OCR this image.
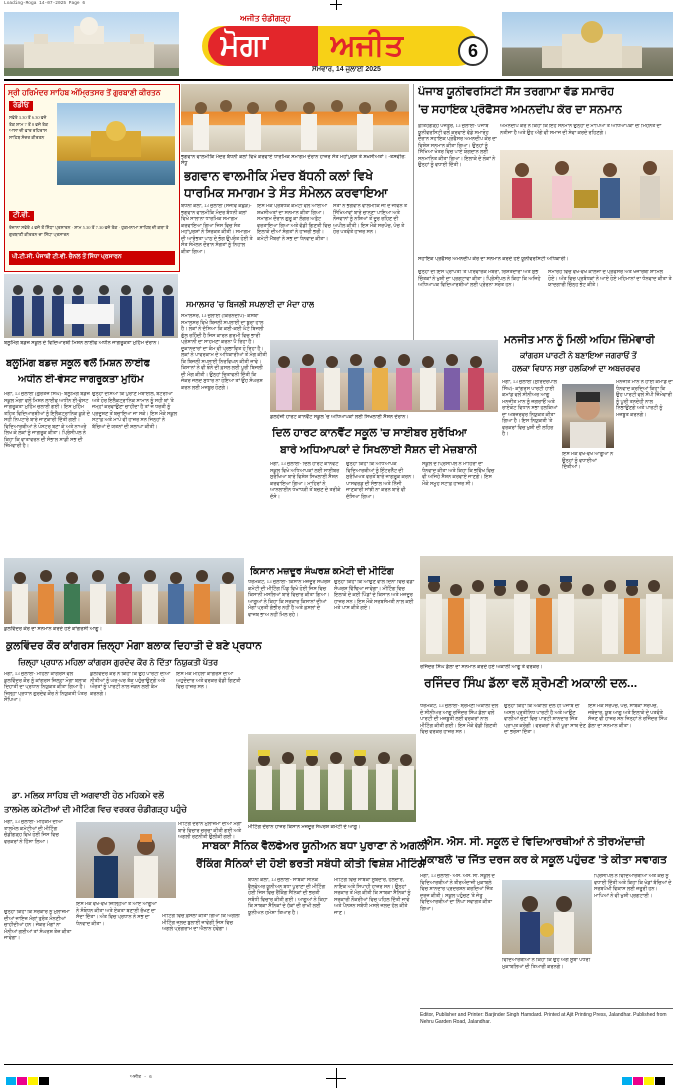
Loading-Moga 14-07-2025 Page 6
ਅਜੀਤ ਚੰਡੀਗੜ੍ਹ
ਮੋਗਾ ਅਜੀਤ
ਸੋਮਵਾਰ, 14 ਜੁਲਾਈ 2025
6
ਸ੍ਰੀ ਹਰਿਮੰਦਰ ਸਾਹਿਬ ਅੰਮ੍ਰਿਤਸਰ ਤੋਂ ਗੁਰਬਾਣੀ ਕੀਰਤਨ
ਰੇਡੀਓ
ਸਵੇਰੇ 3.30 ਤੋਂ 6.30 ਵਜੇ ਤੱਕ ਸ਼ਾਮ 7 ਤੋਂ 8 ਵਜੇ ਤੱਕ ਆਸਾ ਦੀ ਵਾਰ ਰਹਿਰਾਸ ਸਾਹਿਬ ਸੋਦਰ ਕੀਰਤਨ
ਟੀ.ਵੀ.
ਰੋਜ਼ਾਨਾ ਸਵੇਰੇ 4 ਵਜੇ ਤੋਂ ਸਿੱਧਾ ਪ੍ਰਸਾਰਨ · ਸ਼ਾਮ 5.30 ਤੋਂ 7.30 ਵਜੇ ਤੱਕ · ਹੁਕਮਨਾਮਾ ਸਾਹਿਬ ਦੀ ਕਥਾ ਤੇ ਗੁਰਬਾਣੀ ਕੀਰਤਨ ਦਾ ਸਿੱਧਾ ਪ੍ਰਸਾਰਨ
ਪੀ.ਟੀ.ਸੀ. ਪੰਜਾਬੀ ਟੀ.ਵੀ. ਚੈਨਲ ਤੋਂ ਸਿੱਧਾ ਪ੍ਰਸਾਰਨ
ਭਗਵਾਨ ਵਾਲਮੀਕਿ ਮੰਦਰ ਬੱਧਨੀ ਕਲਾਂ ਵਿਖੇ ਕਰਵਾਏ ਧਾਰਮਿਕ ਸਮਾਗਮ ਦੌਰਾਨ ਹਾਜ਼ਰ ਸੰਤ ਮਹਾਂਪੁਰਸ਼ ਤੇ ਸ਼ਖ਼ਸੀਅਤਾਂ। -ਤਸਵੀਰ: ਸੰਧੂ
ਭਗਵਾਨ ਵਾਲਮੀਕਿ ਮੰਦਰ ਬੱਧਨੀ ਕਲਾਂ ਵਿਖੇ
ਧਾਰਮਿਕ ਸਮਾਗਮ ਤੇ ਸੰਤ ਸੰਮੇਲਨ ਕਰਵਾਇਆ
ਬੱਧਨੀ ਕਲਾਂ, 13 ਜੁਲਾਈ (ਸੰਜੀਵ ਕੋਛੜ)- ਭਗਵਾਨ ਵਾਲਮੀਕਿ ਮੰਦਰ ਬੱਧਨੀ ਕਲਾਂ ਵਿਖੇ ਸਾਲਾਨਾ ਧਾਰਮਿਕ ਸਮਾਗਮ ਕਰਵਾਇਆ ਗਿਆ ਜਿਸ ਵਿਚ ਸੰਤ ਮਹਾਂਪੁਰਸ਼ਾਂ ਨੇ ਸ਼ਿਰਕਤ ਕੀਤੀ। ਸਮਾਗਮ ਦੀ ਆਰੰਭਤਾ ਪਾਠ ਦੇ ਭੋਗ ਉਪਰੰਤ ਹੋਈ ਤੇ ਸੰਤ ਸੰਮੇਲਨ ਦੌਰਾਨ ਸੰਗਤਾਂ ਨੂੰ ਨਿਹਾਲ ਕੀਤਾ ਗਿਆ।
ਇਸ ਮੌਕੇ ਪ੍ਰਬੰਧਕ ਕਮੇਟੀ ਵਲੋਂ ਆਈਆਂ ਸ਼ਖ਼ਸੀਅਤਾਂ ਦਾ ਸਨਮਾਨ ਕੀਤਾ ਗਿਆ। ਸਮਾਗਮ ਦੌਰਾਨ ਗੁਰੂ ਕਾ ਲੰਗਰ ਅਤੁੱਟ ਵਰਤਾਇਆ ਗਿਆ ਅਤੇ ਵੱਡੀ ਗਿਣਤੀ ਵਿਚ ਇਲਾਕੇ ਦੀਆਂ ਸੰਗਤਾਂ ਨੇ ਹਾਜ਼ਰੀ ਭਰੀ। ਕਮੇਟੀ ਮੈਂਬਰਾਂ ਨੇ ਸਭ ਦਾ ਧੰਨਵਾਦ ਕੀਤਾ।
ਸੰਤਾਂ ਨੇ ਭਗਵਾਨ ਵਾਲਮੀਕਿ ਜੀ ਦੇ ਜੀਵਨ ਤੇ ਸਿੱਖਿਆਵਾਂ ਬਾਰੇ ਚਾਨਣਾ ਪਾਇਆ ਅਤੇ ਨੌਜਵਾਨਾਂ ਨੂੰ ਨਸ਼ਿਆਂ ਤੋਂ ਦੂਰ ਰਹਿਣ ਦੀ ਅਪੀਲ ਕੀਤੀ। ਇਸ ਮੌਕੇ ਸਰਪੰਚ, ਪੰਚ ਤੇ ਹੋਰ ਪਤਵੰਤੇ ਹਾਜ਼ਰ ਸਨ।
ਪੰਜਾਬ ਯੂਨੀਵਰਸਿਟੀ ਸੈਂਸ ਤਰਗਾਮਾ ਵੱਡ ਸਮਾਰੋਹ
'ਚ ਸਹਾਇਕ ਪ੍ਰੋਫੈਸਰ ਅਮਨਦੀਪ ਕੌਰ ਦਾ ਸਨਮਾਨ
ਫ਼ਤਿਹਗੜ੍ਹ ਪੰਜਤੂਰ, 13 ਜੁਲਾਈ- ਪੰਜਾਬ ਯੂਨੀਵਰਸਿਟੀ ਵਲੋਂ ਕਰਵਾਏ ਵੱਡੇ ਸਮਾਰੋਹ ਦੌਰਾਨ ਸਹਾਇਕ ਪ੍ਰੋਫੈਸਰ ਅਮਨਦੀਪ ਕੌਰ ਦਾ ਵਿਸ਼ੇਸ਼ ਸਨਮਾਨ ਕੀਤਾ ਗਿਆ। ਉਨ੍ਹਾਂ ਨੂੰ ਸਿੱਖਿਆ ਖੇਤਰ ਵਿਚ ਪਾਏ ਯੋਗਦਾਨ ਲਈ ਸਨਮਾਨਿਤ ਕੀਤਾ ਗਿਆ। ਇਲਾਕੇ ਦੇ ਲੋਕਾਂ ਨੇ ਉਨ੍ਹਾਂ ਨੂੰ ਵਧਾਈ ਦਿੱਤੀ।
ਅਮਨਦੀਪ ਕੌਰ ਨੇ ਕਿਹਾ ਕਿ ਇਹ ਸਨਮਾਨ ਉਨ੍ਹਾਂ ਦੇ ਮਾਪਿਆਂ ਤੇ ਅਧਿਆਪਕਾਂ ਦੀ ਮਿਹਨਤ ਦਾ ਨਤੀਜਾ ਹੈ ਅਤੇ ਉਹ ਅੱਗੇ ਵੀ ਸਮਾਜ ਦੀ ਸੇਵਾ ਕਰਦੇ ਰਹਿਣਗੇ।
ਸਹਾਇਕ ਪ੍ਰੋਫੈਸਰ ਅਮਨਦੀਪ ਕੌਰ ਦਾ ਸਨਮਾਨ ਕਰਦੇ ਹੋਏ ਯੂਨੀਵਰਸਿਟੀ ਅਧਿਕਾਰੀ।
ਉਨ੍ਹਾਂ ਦੀ ਇਸ ਪ੍ਰਾਪਤੀ 'ਤੇ ਪਰਿਵਾਰਕ ਮੈਂਬਰਾਂ, ਰਿਸ਼ਤੇਦਾਰਾਂ ਅਤੇ ਸ਼ੁੱਭ ਚਿੰਤਕਾਂ ਨੇ ਖੁਸ਼ੀ ਦਾ ਪ੍ਰਗਟਾਵਾ ਕੀਤਾ। ਪ੍ਰਿੰਸੀਪਲ ਨੇ ਕਿਹਾ ਕਿ ਅਜਿਹੇ ਅਧਿਆਪਕ ਵਿਦਿਆਰਥੀਆਂ ਲਈ ਪ੍ਰੇਰਨਾ ਸਰੋਤ ਹਨ।
ਸਮਾਰੋਹ ਵਿਚ ਵੱਖ-ਵੱਖ ਕਾਲਜਾਂ ਦੇ ਪ੍ਰੋਫੈਸਰ ਅਤੇ ਖੋਜਾਰਥੀ ਸ਼ਾਮਿਲ ਹੋਏ। ਅੰਤ ਵਿਚ ਪ੍ਰਬੰਧਕਾਂ ਨੇ ਆਏ ਹੋਏ ਮਹਿਮਾਨਾਂ ਦਾ ਧੰਨਵਾਦ ਕੀਤਾ ਤੇ ਯਾਦਗਾਰੀ ਚਿੰਨ੍ਹ ਭੇਟ ਕੀਤੇ।
ਬਲੂਮਿੰਗ ਬਡਜ਼ ਸਕੂਲ ਦੇ ਵਿਦਿਆਰਥੀ ਮਿਸ਼ਨ ਲਾਈਫ ਅਧੀਨ ਜਾਗਰੂਕਤਾ ਮੁਹਿੰਮ ਦੌਰਾਨ।
ਬਲੂਮਿੰਗ ਬਡਜ਼ ਸਕੂਲ ਵਲੋਂ ਮਿਸ਼ਨ ਲਾਈਫ
ਅਧੀਨ ਈ-ਵੇਸਟ ਜਾਗਰੂਕਤਾ ਮੁਹਿੰਮ
ਮੋਗਾ, 13 ਜੁਲਾਈ (ਗੁਰਤੇਜ ਸਿੰਘ)- ਬਲੂਮਿੰਗ ਬਡਜ਼ ਸਕੂਲ ਮੋਗਾ ਵਲੋਂ ਮਿਸ਼ਨ ਲਾਈਫ ਅਧੀਨ ਈ-ਵੇਸਟ ਜਾਗਰੂਕਤਾ ਮੁਹਿੰਮ ਚਲਾਈ ਗਈ। ਇਸ ਮੁਹਿੰਮ ਤਹਿਤ ਵਿਦਿਆਰਥੀਆਂ ਨੂੰ ਇਲੈਕਟ੍ਰਾਨਿਕ ਕੂੜੇ ਦੇ ਸਹੀ ਨਿਪਟਾਰੇ ਬਾਰੇ ਜਾਣਕਾਰੀ ਦਿੱਤੀ ਗਈ। ਵਿਦਿਆਰਥੀਆਂ ਨੇ ਪੋਸਟਰ ਬਣਾ ਕੇ ਅਤੇ ਨਾਅਰੇ ਲਿਖ ਕੇ ਲੋਕਾਂ ਨੂੰ ਜਾਗਰੂਕ ਕੀਤਾ। ਪ੍ਰਿੰਸੀਪਲ ਨੇ ਕਿਹਾ ਕਿ ਵਾਤਾਵਰਨ ਦੀ ਸੰਭਾਲ ਸਾਡੀ ਸਭ ਦੀ ਜ਼ਿੰਮੇਵਾਰੀ ਹੈ।
ਉਨ੍ਹਾਂ ਦੱਸਿਆ ਕਿ ਪੁਰਾਣੇ ਮੋਬਾਈਲ, ਬੈਟਰੀਆਂ ਅਤੇ ਹੋਰ ਇਲੈਕਟ੍ਰਾਨਿਕ ਸਾਮਾਨ ਨੂੰ ਸਹੀ ਥਾਂ 'ਤੇ ਜਮ੍ਹਾਂ ਕਰਵਾਉਣਾ ਚਾਹੀਦਾ ਹੈ ਤਾਂ ਜੋ ਧਰਤੀ ਨੂੰ ਪ੍ਰਦੂਸ਼ਣ ਤੋਂ ਬਚਾਇਆ ਜਾ ਸਕੇ। ਇਸ ਮੌਕੇ ਸਕੂਲ ਸਟਾਫ਼ ਅਤੇ ਮਾਪੇ ਵੀ ਹਾਜ਼ਰ ਸਨ ਜਿਨ੍ਹਾਂ ਨੇ ਬੱਚਿਆਂ ਦੇ ਯਤਨਾਂ ਦੀ ਸ਼ਲਾਘਾ ਕੀਤੀ।
ਸਮਾਲਸਰ 'ਚ ਬਿਜਲੀ ਸਪਲਾਈ ਦਾ ਮੰਦਾ ਹਾਲ
ਸਮਾਲਸਰ, 13 ਜੁਲਾਈ (ਕਿਰਨਦੀਪ)- ਕਸਬਾ ਸਮਾਲਸਰ ਵਿਖੇ ਬਿਜਲੀ ਸਪਲਾਈ ਦਾ ਬੁਰਾ ਹਾਲ ਹੈ। ਲੋਕਾਂ ਨੇ ਦੱਸਿਆ ਕਿ ਕਈ-ਕਈ ਘੰਟੇ ਬਿਜਲੀ ਗੁੱਲ ਰਹਿੰਦੀ ਹੈ ਜਿਸ ਕਾਰਨ ਗਰਮੀ ਵਿਚ ਭਾਰੀ ਪ੍ਰੇਸ਼ਾਨੀ ਦਾ ਸਾਹਮਣਾ ਕਰਨਾ ਪੈ ਰਿਹਾ ਹੈ। ਦੁਕਾਨਦਾਰਾਂ ਦਾ ਕੰਮ ਵੀ ਪ੍ਰਭਾਵਿਤ ਹੋ ਰਿਹਾ ਹੈ। ਲੋਕਾਂ ਨੇ ਪਾਵਰਕਾਮ ਦੇ ਅਧਿਕਾਰੀਆਂ ਤੋਂ ਮੰਗ ਕੀਤੀ ਕਿ ਬਿਜਲੀ ਸਪਲਾਈ ਨਿਰਵਿਘਨ ਕੀਤੀ ਜਾਵੇ। ਕਿਸਾਨਾਂ ਨੇ ਵੀ ਝੋਨੇ ਦੀ ਫ਼ਸਲ ਲਈ ਪੂਰੀ ਬਿਜਲੀ ਦੀ ਮੰਗ ਕੀਤੀ। ਉਨ੍ਹਾਂ ਚਿਤਾਵਨੀ ਦਿੱਤੀ ਕਿ ਜੇਕਰ ਜਲਦ ਸੁਧਾਰ ਨਾ ਹੋਇਆ ਤਾਂ ਉਹ ਸੰਘਰਸ਼ ਕਰਨ ਲਈ ਮਜਬੂਰ ਹੋਣਗੇ।
ਡਲਹੌਜ਼ੀ ਹਾਰਟ ਕਾਨਵੈਂਟ ਸਕੂਲ 'ਚ ਅਧਿਆਪਕਾਂ ਲਈ ਸਿਖਲਾਈ ਸੈਸ਼ਨ ਦੌਰਾਨ।
ਦਿਲ ਹਾਰਟ ਕਾਨਵੈਂਟ ਸਕੂਲ 'ਚ ਸਾਈਬਰ ਸੁਰੱਖਿਆ
ਬਾਰੇ ਅਧਿਆਪਕਾਂ ਦੇ ਸਿਖਲਾਈ ਸੈਸ਼ਨ ਦੀ ਮੇਜ਼ਬਾਨੀ
ਮੋਗਾ, 13 ਜੁਲਾਈ- ਦਿਲ ਹਾਰਟ ਕਾਨਵੈਂਟ ਸਕੂਲ ਵਿਖੇ ਅਧਿਆਪਕਾਂ ਲਈ ਸਾਈਬਰ ਸੁਰੱਖਿਆ ਬਾਰੇ ਵਿਸ਼ੇਸ਼ ਸਿਖਲਾਈ ਸੈਸ਼ਨ ਕਰਵਾਇਆ ਗਿਆ। ਮਾਹਿਰਾਂ ਨੇ ਆਨਲਾਈਨ ਧੋਖਾਧੜੀ ਤੋਂ ਬਚਣ ਦੇ ਤਰੀਕੇ ਦੱਸੇ।
ਉਨ੍ਹਾਂ ਕਿਹਾ ਕਿ ਅਧਿਆਪਕ ਵਿਦਿਆਰਥੀਆਂ ਨੂੰ ਇੰਟਰਨੈੱਟ ਦੀ ਸੁਰੱਖਿਅਤ ਵਰਤੋਂ ਬਾਰੇ ਜਾਗਰੂਕ ਕਰਨ। ਪਾਸਵਰਡ ਦੀ ਸੰਭਾਲ ਅਤੇ ਨਿੱਜੀ ਜਾਣਕਾਰੀ ਸਾਂਝੀ ਨਾ ਕਰਨ ਬਾਰੇ ਵੀ ਦੱਸਿਆ ਗਿਆ।
ਸਕੂਲ ਦੇ ਪ੍ਰਿੰਸੀਪਲ ਨੇ ਮਾਹਿਰਾਂ ਦਾ ਧੰਨਵਾਦ ਕੀਤਾ ਅਤੇ ਕਿਹਾ ਕਿ ਭਵਿੱਖ ਵਿਚ ਵੀ ਅਜਿਹੇ ਸੈਸ਼ਨ ਕਰਵਾਏ ਜਾਣਗੇ। ਇਸ ਮੌਕੇ ਸਮੂਹ ਸਟਾਫ਼ ਹਾਜ਼ਰ ਸੀ।
ਮਨਜੀਤ ਮਾਨ ਨੂੰ ਮਿਲੀ ਅਹਿਮ ਜ਼ਿੰਮੇਵਾਰੀ
ਕਾਂਗਰਸ ਪਾਰਟੀ ਨੇ ਬਣਾਇਆ ਜਗਰਾਓਂ ਤੋਂ
ਹਲਕਾ ਵਿਧਾਨ ਸਭਾ ਹਲਕਿਆਂ ਦਾ ਅਬਜ਼ਰਵਰ
ਮੋਗਾ, 13 ਜੁਲਾਈ (ਸੁਰਿੰਦਰਪਾਲ ਸਿੰਘ)- ਕਾਂਗਰਸ ਪਾਰਟੀ ਹਾਈ ਕਮਾਂਡ ਵਲੋਂ ਸੀਨੀਅਰ ਆਗੂ ਮਨਜੀਤ ਮਾਨ ਨੂੰ ਜਗਰਾਓਂ ਅਤੇ ਰਾਏਕੋਟ ਵਿਧਾਨ ਸਭਾ ਹਲਕਿਆਂ ਦਾ ਅਬਜ਼ਰਵਰ ਨਿਯੁਕਤ ਕੀਤਾ ਗਿਆ ਹੈ। ਇਸ ਨਿਯੁਕਤੀ 'ਤੇ ਵਰਕਰਾਂ ਵਿਚ ਖੁਸ਼ੀ ਦੀ ਲਹਿਰ ਹੈ।
ਮਨਜੀਤ ਮਾਨ ਨੇ ਹਾਈ ਕਮਾਂਡ ਦਾ ਧੰਨਵਾਦ ਕਰਦਿਆਂ ਕਿਹਾ ਕਿ ਉਹ ਪਾਰਟੀ ਵਲੋਂ ਸੌਂਪੀ ਜ਼ਿੰਮੇਵਾਰੀ ਨੂੰ ਪੂਰੀ ਤਨਦੇਹੀ ਨਾਲ ਨਿਭਾਉਣਗੇ ਅਤੇ ਪਾਰਟੀ ਨੂੰ ਮਜ਼ਬੂਤ ਕਰਨਗੇ।
ਇਸ ਮੌਕੇ ਵੱਖ-ਵੱਖ ਆਗੂਆਂ ਨੇ ਉਨ੍ਹਾਂ ਨੂੰ ਵਧਾਈਆਂ ਦਿੱਤੀਆਂ।
ਕੁਲਵਿੰਦਰ ਕੌਰ ਦਾ ਸਨਮਾਨ ਕਰਦੇ ਹੋਏ ਕਾਂਗਰਸੀ ਆਗੂ।
ਕੁਲਵਿੰਦਰ ਕੌਰ ਕਾਂਗਰਸ ਜ਼ਿਲ੍ਹਾ ਮੋਗਾ ਬਲਾਕ ਦਿਹਾਤੀ ਦੇ ਬਣੇ ਪ੍ਰਧਾਨ
ਜ਼ਿਲ੍ਹਾ ਪ੍ਰਧਾਨ ਮਹਿਲਾ ਕਾਂਗਰਸ ਗੁਰਦੇਵ ਕੌਰ ਨੇ ਦਿੱਤਾ ਨਿਯੁਕਤੀ ਪੱਤਰ
ਮੋਗਾ, 13 ਜੁਲਾਈ- ਮਹਿਲਾ ਕਾਂਗਰਸ ਵਲੋਂ ਕੁਲਵਿੰਦਰ ਕੌਰ ਨੂੰ ਕਾਂਗਰਸ ਜ਼ਿਲ੍ਹਾ ਮੋਗਾ ਬਲਾਕ ਦਿਹਾਤੀ ਦਾ ਪ੍ਰਧਾਨ ਨਿਯੁਕਤ ਕੀਤਾ ਗਿਆ ਹੈ। ਜ਼ਿਲ੍ਹਾ ਪ੍ਰਧਾਨ ਗੁਰਦੇਵ ਕੌਰ ਨੇ ਨਿਯੁਕਤੀ ਪੱਤਰ ਸੌਂਪਿਆ।
ਕੁਲਵਿੰਦਰ ਕੌਰ ਨੇ ਕਿਹਾ ਕਿ ਉਹ ਪਾਰਟੀ ਦੀਆਂ ਨੀਤੀਆਂ ਨੂੰ ਘਰ-ਘਰ ਤੱਕ ਪਹੁੰਚਾਉਣਗੇ ਅਤੇ ਔਰਤਾਂ ਨੂੰ ਪਾਰਟੀ ਨਾਲ ਜੋੜਨ ਲਈ ਕੰਮ ਕਰਨਗੇ।
ਇਸ ਮੌਕੇ ਮਹਿਲਾ ਕਾਂਗਰਸ ਦੀਆਂ ਅਹੁਦੇਦਾਰ ਅਤੇ ਵਰਕਰ ਵੱਡੀ ਗਿਣਤੀ ਵਿਚ ਹਾਜ਼ਰ ਸਨ।
ਡਾ. ਮਲਿਕ ਸਾਹਿਬ ਦੀ ਅਗਵਾਈ ਹੇਠ ਮਹਿਕਮੇ ਵਲੋਂ
ਤਾਲਮੇਲ ਕਮੇਟੀਆਂ ਦੀ ਮੀਟਿੰਗ ਵਿਚ ਵਰਕਰ ਚੰਡੀਗੜ੍ਹ ਪਹੁੰਚੇ
ਮੋਗਾ, 13 ਜੁਲਾਈ- ਮਹਿਕਮੇ ਦੀਆਂ ਤਾਲਮੇਲ ਕਮੇਟੀਆਂ ਦੀ ਮੀਟਿੰਗ ਚੰਡੀਗੜ੍ਹ ਵਿਖੇ ਹੋਈ ਜਿਸ ਵਿਚ ਵਰਕਰਾਂ ਨੇ ਹਿੱਸਾ ਲਿਆ।
ਮੀਟਿੰਗ ਦੌਰਾਨ ਮੁਲਾਜ਼ਮਾਂ ਦੀਆਂ ਮੰਗਾਂ ਬਾਰੇ ਵਿਚਾਰ ਚਰਚਾ ਕੀਤੀ ਗਈ ਅਤੇ ਅਗਲੀ ਰਣਨੀਤੀ ਉਲੀਕੀ ਗਈ।
ਉਨ੍ਹਾਂ ਕਿਹਾ ਕਿ ਸਰਕਾਰ ਨੂੰ ਮੁਲਾਜ਼ਮਾਂ ਦੀਆਂ ਜਾਇਜ਼ ਮੰਗਾਂ ਤੁਰੰਤ ਮੰਨਣੀਆਂ ਚਾਹੀਦੀਆਂ ਹਨ। ਜੇਕਰ ਮੰਗਾਂ ਨਾ ਮੰਨੀਆਂ ਗਈਆਂ ਤਾਂ ਸੰਘਰਸ਼ ਤੇਜ਼ ਕੀਤਾ ਜਾਵੇਗਾ।
ਇਸ ਮੌਕੇ ਵੱਖ-ਵੱਖ ਜ਼ਿਲ੍ਹਿਆਂ ਤੋਂ ਆਏ ਆਗੂਆਂ ਨੇ ਸੰਬੋਧਨ ਕੀਤਾ ਅਤੇ ਏਕਤਾ ਬਣਾਈ ਰੱਖਣ ਦਾ ਸੱਦਾ ਦਿੱਤਾ। ਅੰਤ ਵਿਚ ਪ੍ਰਧਾਨ ਨੇ ਸਭ ਦਾ ਧੰਨਵਾਦ ਕੀਤਾ।
ਮੀਟਿੰਗ ਵਿਚ ਫ਼ੈਸਲਾ ਕੀਤਾ ਗਿਆ ਕਿ ਅਗਲੀ ਮੀਟਿੰਗ ਜਲਦ ਬੁਲਾਈ ਜਾਵੇਗੀ ਜਿਸ ਵਿਚ ਅਗਲੇ ਪ੍ਰੋਗਰਾਮ ਦਾ ਐਲਾਨ ਹੋਵੇਗਾ।
ਕਿਸਾਨ ਮਜ਼ਦੂਰ ਸੰਘਰਸ਼ ਕਮੇਟੀ ਦੀ ਮੀਟਿੰਗ
ਧਰਮਕੋਟ, 13 ਜੁਲਾਈ- ਕਿਸਾਨ ਮਜ਼ਦੂਰ ਸੰਘਰਸ਼ ਕਮੇਟੀ ਦੀ ਮੀਟਿੰਗ ਪਿੰਡ ਵਿਖੇ ਹੋਈ ਜਿਸ ਵਿਚ ਕਿਸਾਨੀ ਮਸਲਿਆਂ ਬਾਰੇ ਵਿਚਾਰ ਕੀਤਾ ਗਿਆ। ਆਗੂਆਂ ਨੇ ਕਿਹਾ ਕਿ ਸਰਕਾਰ ਕਿਸਾਨਾਂ ਦੀਆਂ ਮੰਗਾਂ ਪ੍ਰਤੀ ਗੰਭੀਰ ਨਹੀਂ ਹੈ ਅਤੇ ਫ਼ਸਲਾਂ ਦੇ ਵਾਜਬ ਭਾਅ ਨਹੀਂ ਮਿਲ ਰਹੇ।
ਉਨ੍ਹਾਂ ਕਿਹਾ ਕਿ ਆਉਣ ਵਾਲੇ ਦਿਨਾਂ ਵਿਚ ਵੱਡਾ ਸੰਘਰਸ਼ ਵਿੱਢਿਆ ਜਾਵੇਗਾ। ਮੀਟਿੰਗ ਵਿਚ ਇਲਾਕੇ ਦੇ ਕਈ ਪਿੰਡਾਂ ਦੇ ਕਿਸਾਨ ਅਤੇ ਮਜ਼ਦੂਰ ਹਾਜ਼ਰ ਸਨ। ਇਸ ਮੌਕੇ ਸਰਬਸੰਮਤੀ ਨਾਲ ਕਈ ਮਤੇ ਪਾਸ ਕੀਤੇ ਗਏ।
ਮੀਟਿੰਗ ਦੌਰਾਨ ਹਾਜ਼ਰ ਕਿਸਾਨ ਮਜ਼ਦੂਰ ਸੰਘਰਸ਼ ਕਮੇਟੀ ਦੇ ਆਗੂ।
ਰਜਿੰਦਰ ਸਿੰਘ ਡੱਲਾ ਦਾ ਸਨਮਾਨ ਕਰਦੇ ਹੋਏ ਅਕਾਲੀ ਆਗੂ ਤੇ ਵਰਕਰ।
ਰਜਿੰਦਰ ਸਿੰਘ ਡੱਲਾ ਵਲੋਂ ਸ਼੍ਰੋਮਣੀ ਅਕਾਲੀ ਦਲ...
ਧਰਮਕੋਟ, 13 ਜੁਲਾਈ- ਸ਼੍ਰੋਮਣੀ ਅਕਾਲੀ ਦਲ ਦੇ ਸੀਨੀਅਰ ਆਗੂ ਰਜਿੰਦਰ ਸਿੰਘ ਡੱਲਾ ਵਲੋਂ ਪਾਰਟੀ ਦੀ ਮਜ਼ਬੂਤੀ ਲਈ ਵਰਕਰਾਂ ਨਾਲ ਮੀਟਿੰਗ ਕੀਤੀ ਗਈ। ਇਸ ਮੌਕੇ ਵੱਡੀ ਗਿਣਤੀ ਵਿਚ ਵਰਕਰ ਹਾਜ਼ਰ ਸਨ।
ਉਨ੍ਹਾਂ ਕਿਹਾ ਕਿ ਅਕਾਲੀ ਦਲ ਹੀ ਪੰਜਾਬ ਦੀ ਅਸਲ ਪ੍ਰਤੀਨਿਧ ਪਾਰਟੀ ਹੈ ਅਤੇ ਆਉਣ ਵਾਲੀਆਂ ਚੋਣਾਂ ਵਿਚ ਪਾਰਟੀ ਸ਼ਾਨਦਾਰ ਜਿੱਤ ਪ੍ਰਾਪਤ ਕਰੇਗੀ। ਵਰਕਰਾਂ ਨੇ ਵੀ ਪੂਰਾ ਸਾਥ ਦੇਣ ਦਾ ਭਰੋਸਾ ਦਿੱਤਾ।
ਇਸ ਮੌਕੇ ਸਰਪੰਚ, ਪੰਚ, ਸਾਬਕਾ ਸਰਪੰਚ, ਜਥੇਦਾਰ, ਯੂਥ ਆਗੂ ਅਤੇ ਇਲਾਕੇ ਦੇ ਪਤਵੰਤੇ ਸੱਜਣ ਵੀ ਹਾਜ਼ਰ ਸਨ ਜਿਨ੍ਹਾਂ ਨੇ ਰਜਿੰਦਰ ਸਿੰਘ ਡੱਲਾ ਦਾ ਸਨਮਾਨ ਕੀਤਾ।
ਸਾਬਕਾ ਸੈਨਿਕ ਵੈਲਫੇਅਰ ਯੂਨੀਅਨ ਬਧਾ ਪੁਰਾਣਾ ਨੇ ਅਗਲੀ
ਰੈਂਕਿੰਗ ਸੈਨਿਕਾਂ ਦੀ ਹੋਈ ਭਰਤੀ ਸਬੰਧੀ ਕੀਤੀ ਵਿਸ਼ੇਸ਼ ਮੀਟਿੰਗ
ਬਧਨੀ ਕਲਾਂ, 13 ਜੁਲਾਈ- ਸਾਬਕਾ ਸੈਨਿਕ ਵੈਲਫੇਅਰ ਯੂਨੀਅਨ ਬਧਾ ਪੁਰਾਣਾ ਦੀ ਮੀਟਿੰਗ ਹੋਈ ਜਿਸ ਵਿਚ ਰੈਂਕਿੰਗ ਸੈਨਿਕਾਂ ਦੀ ਭਰਤੀ ਸਬੰਧੀ ਵਿਚਾਰ ਕੀਤੀ ਗਈ। ਆਗੂਆਂ ਨੇ ਕਿਹਾ ਕਿ ਸਾਬਕਾ ਸੈਨਿਕਾਂ ਦੇ ਹੱਕਾਂ ਦੀ ਰਾਖੀ ਲਈ ਯੂਨੀਅਨ ਹਮੇਸ਼ਾ ਤਿਆਰ ਹੈ।
ਮੀਟਿੰਗ ਵਿਚ ਸਾਬਕਾ ਸੂਬੇਦਾਰ, ਹੌਲਦਾਰ, ਨਾਇਕ ਅਤੇ ਸਿਪਾਹੀ ਹਾਜ਼ਰ ਸਨ। ਉਨ੍ਹਾਂ ਸਰਕਾਰ ਤੋਂ ਮੰਗ ਕੀਤੀ ਕਿ ਸਾਬਕਾ ਸੈਨਿਕਾਂ ਨੂੰ ਸਰਕਾਰੀ ਨੌਕਰੀਆਂ ਵਿਚ ਪਹਿਲ ਦਿੱਤੀ ਜਾਵੇ ਅਤੇ ਪੈਨਸ਼ਨ ਸਬੰਧੀ ਮਸਲੇ ਜਲਦ ਹੱਲ ਕੀਤੇ ਜਾਣ।
ਐਸ. ਐਸ. ਸੀ. ਸਕੂਲ ਦੇ ਵਿਦਿਆਰਥੀਆਂ ਨੇ ਤੀਰਅੰਦਾਜ਼ੀ
ਮੁਕਾਬਲੇ 'ਚ ਜਿੱਤ ਦਰਜ ਕਰ ਕੇ ਸਕੂਲ ਪਹੁੰਚਣ 'ਤੇ ਕੀਤਾ ਸਵਾਗਤ
ਮੋਗਾ, 13 ਜੁਲਾਈ- ਐਸ. ਐਸ. ਸੀ. ਸਕੂਲ ਦੇ ਵਿਦਿਆਰਥੀਆਂ ਨੇ ਤੀਰਅੰਦਾਜ਼ੀ ਮੁਕਾਬਲੇ ਵਿਚ ਸ਼ਾਨਦਾਰ ਪ੍ਰਦਰਸ਼ਨ ਕਰਦਿਆਂ ਜਿੱਤ ਦਰਜ ਕੀਤੀ। ਸਕੂਲ ਪਹੁੰਚਣ 'ਤੇ ਜੇਤੂ ਵਿਦਿਆਰਥੀਆਂ ਦਾ ਨਿੱਘਾ ਸਵਾਗਤ ਕੀਤਾ ਗਿਆ।
ਪ੍ਰਿੰਸੀਪਲ ਨੇ ਵਿਦਿਆਰਥੀਆਂ ਅਤੇ ਕੋਚ ਨੂੰ ਵਧਾਈ ਦਿੱਤੀ ਅਤੇ ਕਿਹਾ ਕਿ ਖੇਡਾਂ ਬੱਚਿਆਂ ਦੇ ਸਰਬਪੱਖੀ ਵਿਕਾਸ ਲਈ ਜ਼ਰੂਰੀ ਹਨ। ਮਾਪਿਆਂ ਨੇ ਵੀ ਖੁਸ਼ੀ ਪ੍ਰਗਟਾਈ।
ਵਿਦਿਆਰਥੀਆਂ ਨੇ ਕਿਹਾ ਕਿ ਉਹ ਅੱਗੇ ਸੂਬਾ ਪੱਧਰੀ ਮੁਕਾਬਲਿਆਂ ਦੀ ਤਿਆਰੀ ਕਰਨਗੇ।
Editor, Publisher and Printer: Barjinder Singh Hamdard. Printed at Ajit Printing Press, Jalandhar. Published from Nehru Garden Road, Jalandhar.
ਅਜੀਤ - 6
